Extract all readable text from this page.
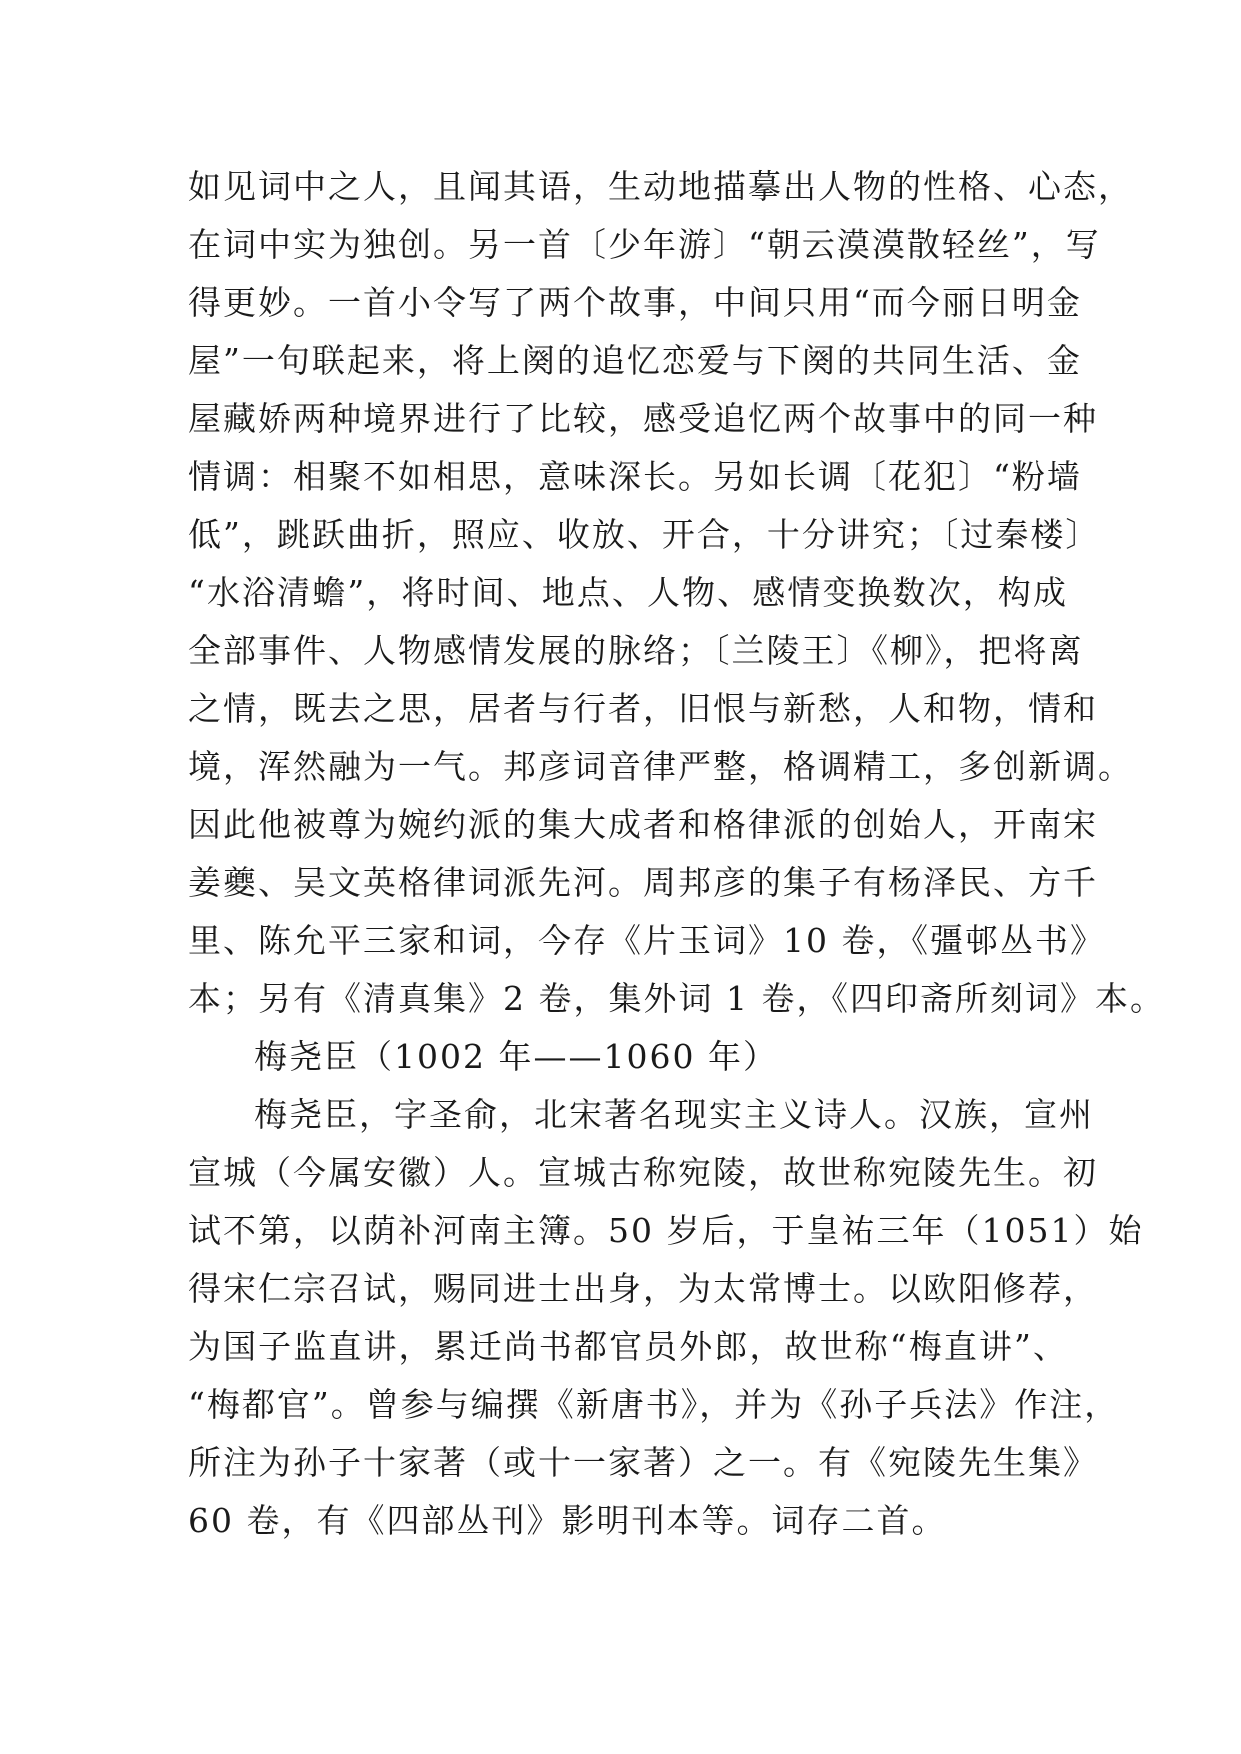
如见词中之人，且闻其语，生动地描摹出人物的性格、心态，
在词中实为独创。另一首〔少年游〕“朝云漠漠散轻丝”，写
得更妙。一首小令写了两个故事，中间只用“而今丽日明金
屋”一句联起来，将上阕的追忆恋爱与下阕的共同生活、金
屋藏娇两种境界进行了比较，感受追忆两个故事中的同一种
情调：相聚不如相思，意味深长。另如长调〔花犯〕“粉墙
低”，跳跃曲折，照应、收放、开合，十分讲究；〔过秦楼〕
“水浴清蟾”，将时间、地点、人物、感情变换数次，构成
全部事件、人物感情发展的脉络；〔兰陵王〕《柳》，把将离
之情，既去之思，居者与行者，旧恨与新愁，人和物，情和
境，浑然融为一气。邦彦词音律严整，格调精工，多创新调。
因此他被尊为婉约派的集大成者和格律派的创始人，开南宋
姜夔、吴文英格律词派先河。周邦彦的集子有杨泽民、方千
里、陈允平三家和词，今存《片玉词》10 卷，《彊邨丛书》
本；另有《清真集》2 卷，集外词 1 卷，《四印斋所刻词》本。
梅尧臣（1002 年——1060 年）
梅尧臣，字圣俞，北宋著名现实主义诗人。汉族，宣州
宣城（今属安徽）人。宣城古称宛陵，故世称宛陵先生。初
试不第，以荫补河南主簿。50 岁后，于皇祐三年（1051）始
得宋仁宗召试，赐同进士出身，为太常博士。以欧阳修荐，
为国子监直讲，累迁尚书都官员外郎，故世称“梅直讲”、
“梅都官”。曾参与编撰《新唐书》，并为《孙子兵法》作注，
所注为孙子十家著（或十一家著）之一。有《宛陵先生集》
60 卷，有《四部丛刊》影明刊本等。词存二首。
